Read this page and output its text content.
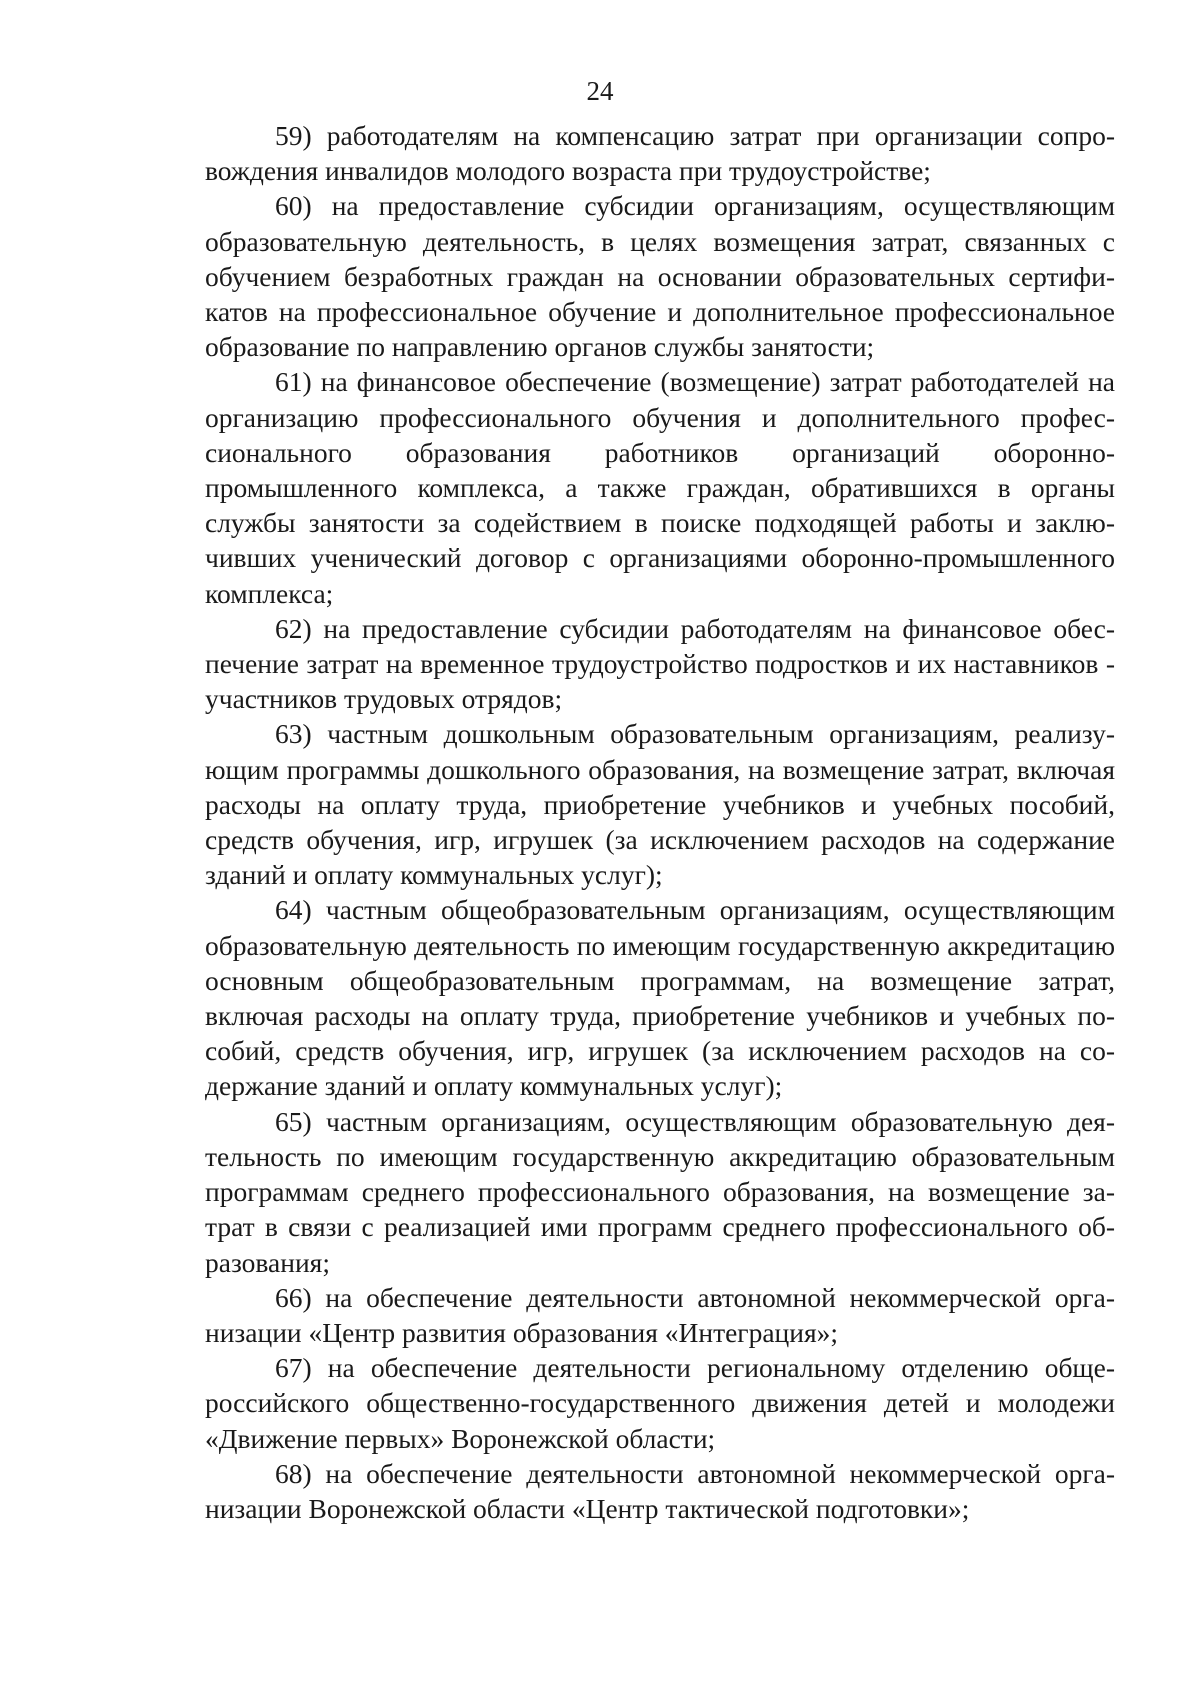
24

59) работодателям на компенсацию затрат при организации сопровождения инвалидов молодого возраста при трудоустройстве;

60) на предоставление субсидии организациям, осуществляющим образовательную деятельность, в целях возмещения затрат, связанных с обучением безработных граждан на основании образовательных сертификатов на профессиональное обучение и дополнительное профессиональное образование по направлению органов службы занятости;

61) на финансовое обеспечение (возмещение) затрат работодателей на организацию профессионального обучения и дополнительного профессионального образования работников организаций оборонно-промышленного комплекса, а также граждан, обратившихся в органы службы занятости за содействием в поиске подходящей работы и заключивших ученический договор с организациями оборонно-промышленного комплекса;

62) на предоставление субсидии работодателям на финансовое обеспечение затрат на временное трудоустройство подростков и их наставников - участников трудовых отрядов;

63) частным дошкольным образовательным организациям, реализующим программы дошкольного образования, на возмещение затрат, включая расходы на оплату труда, приобретение учебников и учебных пособий, средств обучения, игр, игрушек (за исключением расходов на содержание зданий и оплату коммунальных услуг);

64) частным общеобразовательным организациям, осуществляющим образовательную деятельность по имеющим государственную аккредитацию основным общеобразовательным программам, на возмещение затрат, включая расходы на оплату труда, приобретение учебников и учебных пособий, средств обучения, игр, игрушек (за исключением расходов на содержание зданий и оплату коммунальных услуг);

65) частным организациям, осуществляющим образовательную деятельность по имеющим государственную аккредитацию образовательным программам среднего профессионального образования, на возмещение затрат в связи с реализацией ими программ среднего профессионального образования;

66) на обеспечение деятельности автономной некоммерческой организации «Центр развития образования «Интеграция»;

67) на обеспечение деятельности региональному отделению общероссийского общественно-государственного движения детей и молодежи «Движение первых» Воронежской области;

68) на обеспечение деятельности автономной некоммерческой организации Воронежской области «Центр тактической подготовки»;
